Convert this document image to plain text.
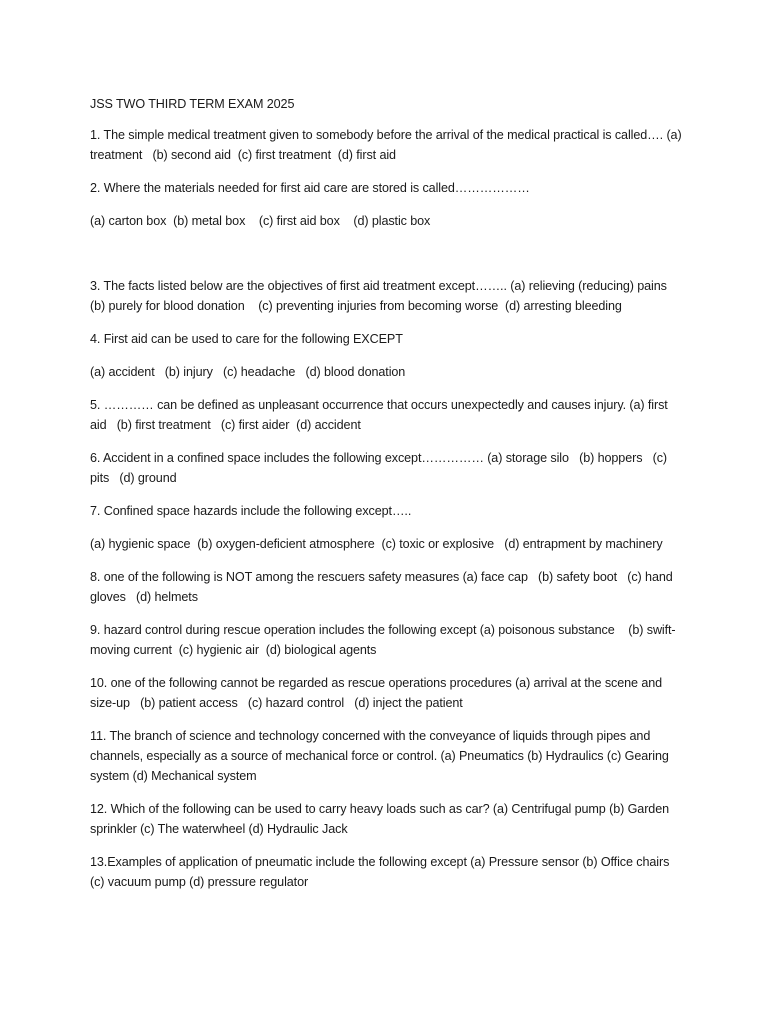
JSS TWO THIRD TERM EXAM 2025
1. The simple medical treatment given to somebody before the arrival of the medical practical is called…. (a) treatment   (b) second aid  (c) first treatment  (d) first aid
2. Where the materials needed for first aid care are stored is called………………
(a) carton box  (b) metal box    (c) first aid box    (d) plastic box
3. The facts listed below are the objectives of first aid treatment except…….. (a) relieving (reducing) pains   (b) purely for blood donation    (c) preventing injuries from becoming worse  (d) arresting bleeding
4. First aid can be used to care for the following EXCEPT
(a) accident   (b) injury   (c) headache   (d) blood donation
5. ………… can be defined as unpleasant occurrence that occurs unexpectedly and causes injury. (a) first aid   (b) first treatment   (c) first aider  (d) accident
6. Accident in a confined space includes the following except…………… (a) storage silo   (b) hoppers   (c) pits   (d) ground
7. Confined space hazards include the following except…..
(a) hygienic space  (b) oxygen-deficient atmosphere  (c) toxic or explosive   (d) entrapment by machinery
8. one of the following is NOT among the rescuers safety measures (a) face cap   (b) safety boot   (c) hand gloves   (d) helmets
9. hazard control during rescue operation includes the following except (a) poisonous substance    (b) swift-moving current  (c) hygienic air  (d) biological agents
10. one of the following cannot be regarded as rescue operations procedures (a) arrival at the scene and size-up   (b) patient access   (c) hazard control   (d) inject the patient
11. The branch of science and technology concerned with the conveyance of liquids through pipes and channels, especially as a source of mechanical force or control. (a) Pneumatics (b) Hydraulics (c) Gearing system (d) Mechanical system
12. Which of the following can be used to carry heavy loads such as car? (a) Centrifugal pump (b) Garden sprinkler (c) The waterwheel (d) Hydraulic Jack
13.Examples of application of pneumatic include the following except (a) Pressure sensor (b) Office chairs (c) vacuum pump (d) pressure regulator
